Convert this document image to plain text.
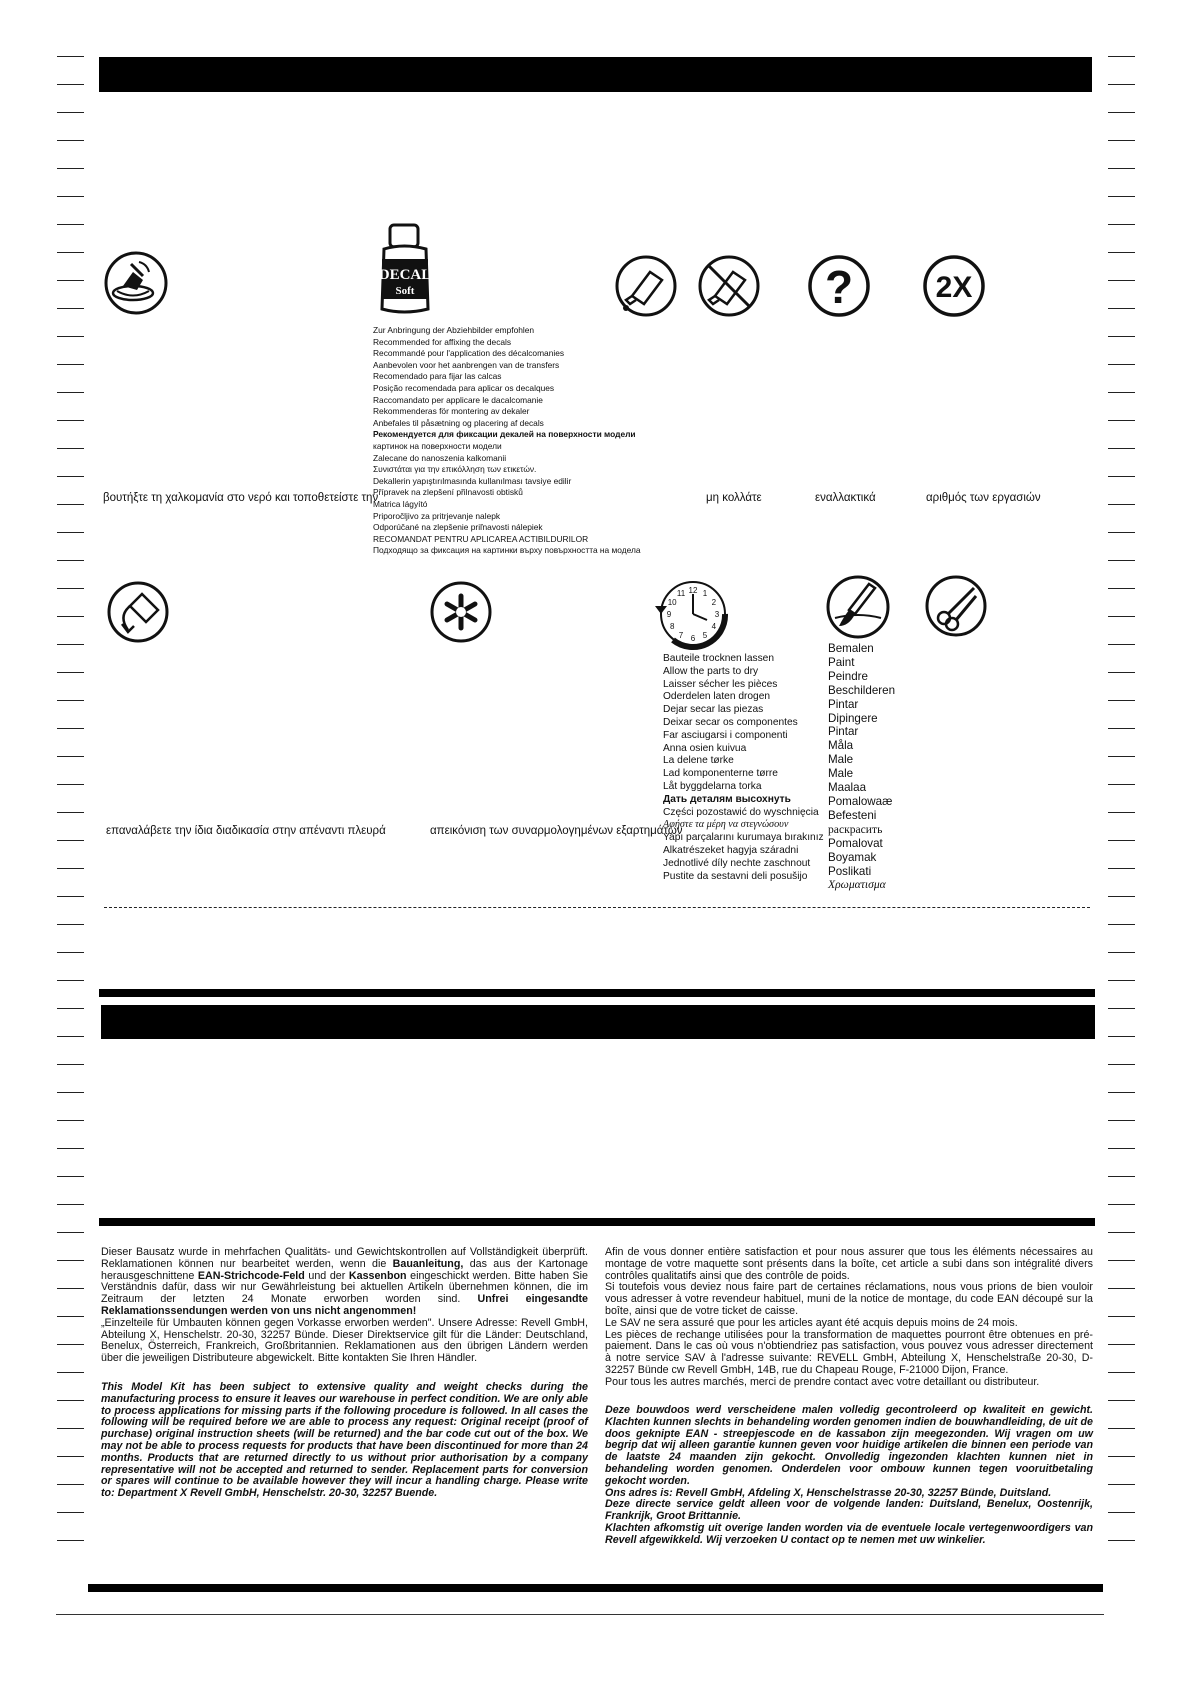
DECAL
Soft	?	2X
Zur Anbringung der Abziehbilder empfohlen
Recommended for affixing the decals
Recommandé pour l'application des décalcomanies
Aanbevolen voor het aanbrengen van de transfers
Recomendado para fijar las calcas
Posição recomendada para aplicar os decalques
Raccomandato per applicare le dacalcomanie
Rekommenderas för montering av dekaler
Anbefales til påsætning og placering af decals
Рекомендуется для фиксации декалей на поверхности модели
картинок на поверхности модели
Zalecane do nanoszenia kalkomanii
Συνιστάται για την επικόλληση των ετικετών.
Dekallerin yapıştırılmasında kullanılması tavsiye edilir
Přípravek na zlepšení přilnavosti obtisků
Matrica lágyító
Priporočljivo za pritrjevanje nalepk
Odporúčané na zlepšenie priľnavosti nálepiek
RECOMANDAT PENTRU APLICAREA ACTIBILDURILOR
Подходящо за фиксация на картинки върху повърхността на модела
βουτήξτε τη χαλκομανία στο νερό και τοποθετείστε την	μη κολλάτε	εναλλακτικά	αριθμός των εργασιών
12 1
2
3
4
5
6
7
8
9
10
11
επαναλάβετε την ίδια διαδικασία στην απέναντι πλευρά	απεικόνιση των συναρμολογημένων εξαρτημάτων
Bauteile trocknen lassen
Allow the parts to dry
Laisser sécher les pièces
Oderdelen laten drogen
Dejar secar las piezas
Deixar secar os componentes
Far asciugarsi i componenti
Anna osien kuivua
La delene tørke
Lad komponenterne tørre
Låt byggdelarna torka
Дать деталям высохнуть
Części pozostawić do wyschnięcia
Αφήστε τα μέρη να στεγνώσουν
Yapı parçalarını kurumaya bırakınız
Alkatrészeket hagyja száradni
Jednotlivé díly nechte zaschnout
Pustite da sestavni deli posušijo
Bemalen
Paint
Peindre
Beschilderen
Pintar
Dipingere
Pintar
Måla
Male
Male
Maalaa
Pomalowaæ
Befesteni
раскрасить
Pomalovat
Boyamak
Poslikati
Χρωματισμα
Dieser Bausatz wurde in mehrfachen Qualitäts- und Gewichtskontrollen auf Vollständigkeit überprüft. Reklamationen können nur bearbeitet werden, wenn die Bauanleitung, das aus der Kartonage herausgeschnittene EAN-Strichcode-Feld und der Kassenbon eingeschickt werden. Bitte haben Sie Verständnis dafür, dass wir nur Gewährleistung bei aktuellen Artikeln übernehmen können, die im Zeitraum der letzten 24 Monate erworben worden sind. Unfrei eingesandte Reklamationssendungen werden von uns nicht angenommen!
„Einzelteile für Umbauten können gegen Vorkasse erworben werden". Unsere Adresse: Revell GmbH, Abteilung X, Henschelstr. 20-30, 32257 Bünde. Dieser Direktservice gilt für die Länder: Deutschland, Benelux, Österreich, Frankreich, Großbritannien. Reklamationen aus den übrigen Ländern werden über die jeweiligen Distributeure abgewickelt. Bitte kontakten Sie Ihren Händler.
This Model Kit has been subject to extensive quality and weight checks during the manufacturing process to ensure it leaves our warehouse in perfect condition. We are only able to process applications for missing parts if the following procedure is followed. In all cases the following will be required before we are able to process any request: Original receipt (proof of purchase) original instruction sheets (will be returned) and the bar code cut out of the box. We may not be able to process requests for products that have been discontinued for more than 24 months. Products that are returned directly to us without prior authorisation by a company representative will not be accepted and returned to sender. Replacement parts for conversion or spares will continue to be available however they will incur a handling charge. Please write to: Department X Revell GmbH, Henschelstr. 20-30, 32257 Buende.
Afin de vous donner entière satisfaction et pour nous assurer que tous les éléments nécessaires au montage de votre maquette sont présents dans la boîte, cet article a subi dans son intégralité divers contrôles qualitatifs ainsi que des contrôle de poids.
Si toutefois vous deviez nous faire part de certaines réclamations, nous vous prions de bien vouloir vous adresser à votre revendeur habituel, muni de la notice de montage, du code EAN découpé sur la boîte, ainsi que de votre ticket de caisse.
Le SAV ne sera assuré que pour les articles ayant été acquis depuis moins de 24 mois.
Les pièces de rechange utilisées pour la transformation de maquettes pourront être obtenues en pré-paiement. Dans le cas où vous n'obtiendriez pas satisfaction, vous pouvez vous adresser directement à notre service SAV à l'adresse suivante: REVELL GmbH, Abteilung X, Henschelstraße 20-30, D-32257 Bünde cw Revell GmbH, 14B, rue du Chapeau Rouge, F-21000 Dijon, France.
Pour tous les autres marchés, merci de prendre contact avec votre detaillant ou distributeur.
Deze bouwdoos werd verscheidene malen volledig gecontroleerd op kwaliteit en gewicht. Klachten kunnen slechts in behandeling worden genomen indien de bouwhandleiding, de uit de doos geknipte EAN - streepjescode en de kassabon zijn meegezonden. Wij vragen om uw begrip dat wij alleen garantie kunnen geven voor huidige artikelen die binnen een periode van de laatste 24 maanden zijn gekocht. Onvolledig ingezonden klachten kunnen niet in behandeling worden genomen. Onderdelen voor ombouw kunnen tegen vooruitbetaling gekocht worden.
Ons adres is: Revell GmbH, Afdeling X, Henschelstrasse 20-30, 32257 Bünde, Duitsland.
Deze directe service geldt alleen voor de volgende landen: Duitsland, Benelux, Oostenrijk, Frankrijk, Groot Brittannie.
Klachten afkomstig uit overige landen worden via de eventuele locale vertegenwoordigers van Revell afgewikkeld. Wij verzoeken U contact op te nemen met uw winkelier.
